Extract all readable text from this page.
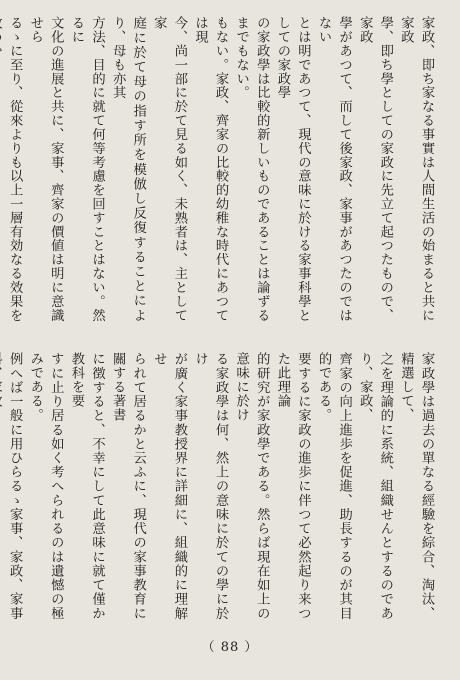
家政、即ち家なる事實は人間生活の始まると共に家政
學、即ち學としての家政に先立て起つたもので、家政
學があつて、而して後家政、家事があつたのではない
とは明であつて、現代の意味に於ける家事科學としての家政學
の家政學は比較的新しいものであることは論ずるまでもない。
もない。家政、齊家の比較的幼稚な時代にあつては現
今、尚一部に於て見る如く、未熟者は、主として家
庭に於て母の指す所を模倣し反復することにより、母も亦其
方法、目的に就て何等考慮を回すことはない。然るに
文化の進展と共に、家事、齊家の價値は明に意識せら
るゝに至り、從來よりも以上一層有効なる效果を
家政學は過去の單なる經驗を綜合、淘汰、精選して、
之を理論的に系統、組織せんとするのであり、家政、
齊家の向上進歩を促進、助長するのが其目的である。
要するに家政の進歩に伴つて必然起り来つた此理論
的研究が家政學である。然らば現在如上の意味に於け
る家政學は何、然上の意味に於ての學に於け
が廣く家事教授界に詳細に、組織的に理解せ
られて居るかと云ふに、現代の家事教育に關する著書
に徴すると、不幸にして此意味に就て僅か教科を要
すに止り居る如く考へられるのは遺憾の極みである。
例へば一般に用ひらるゝ家事、家政、家事
（ 88 ）
